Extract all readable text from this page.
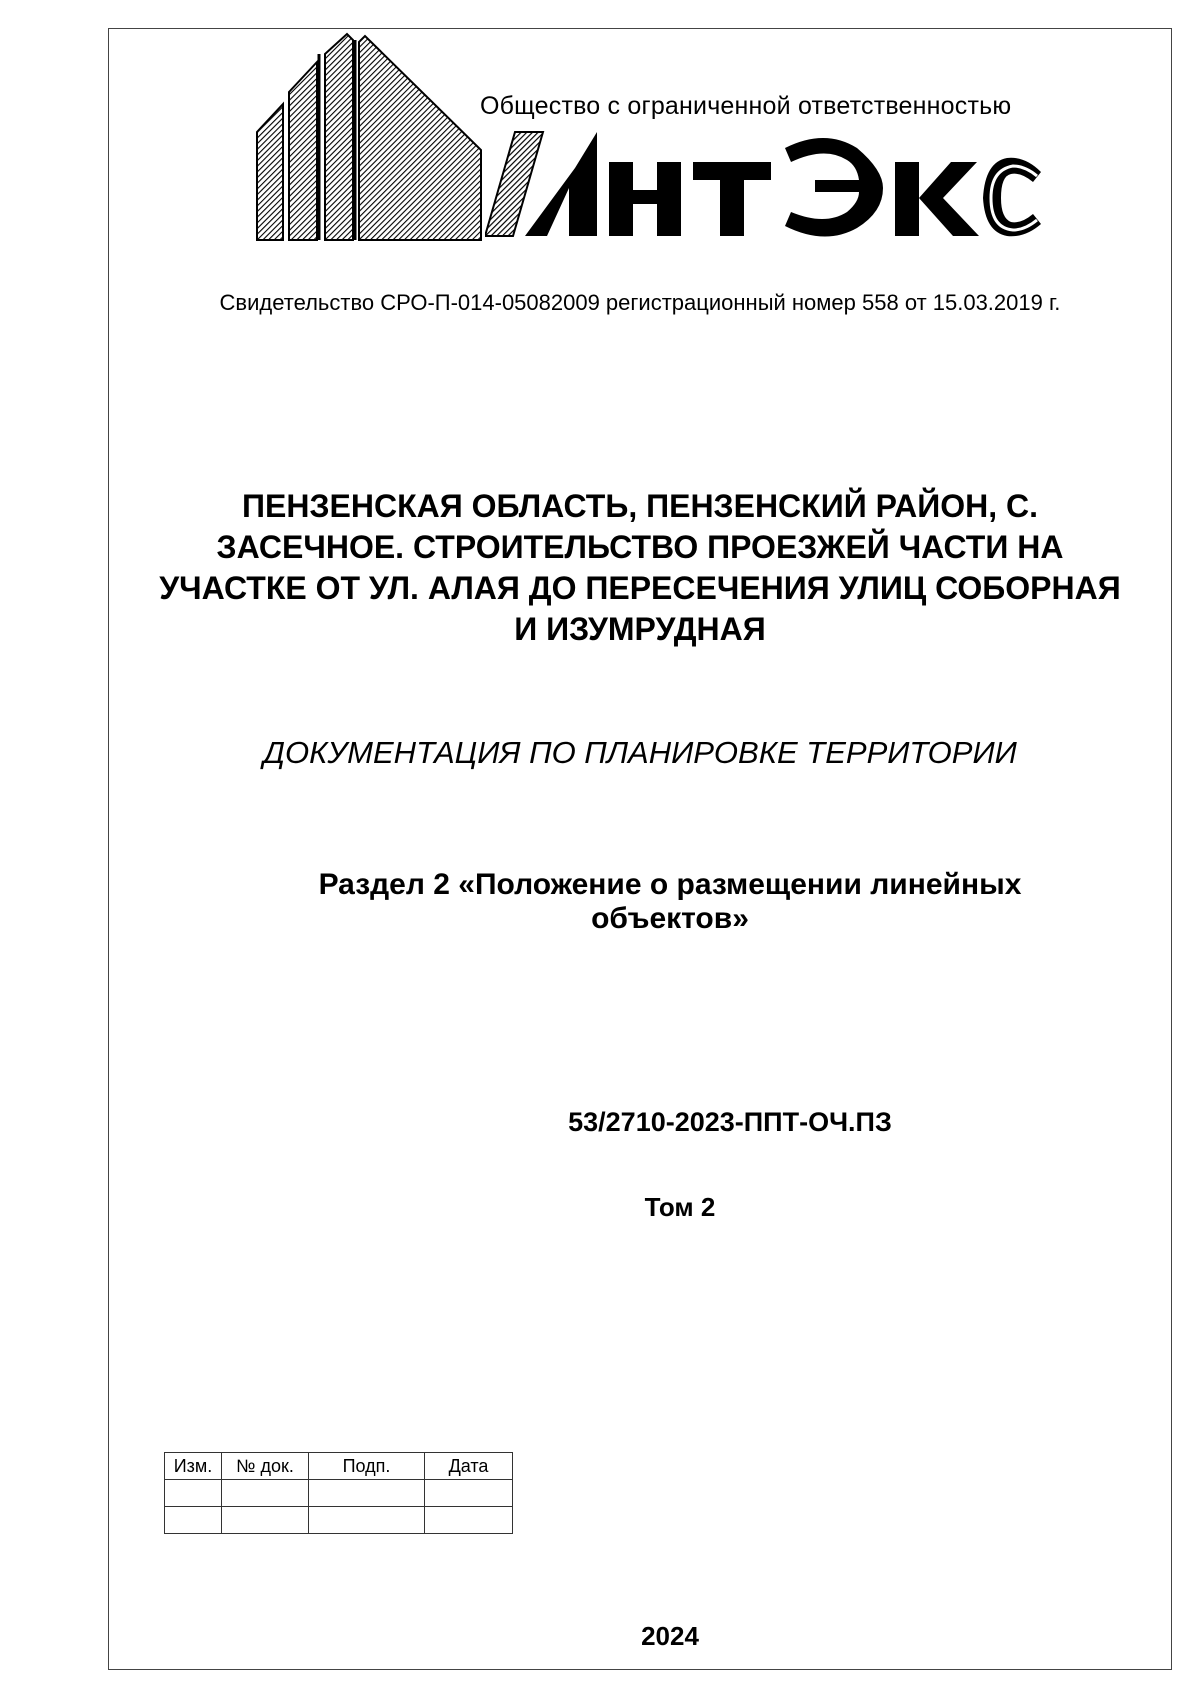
Общество с ограниченной ответственностью
Свидетельство СРО-П-014-05082009 регистрационный номер 558 от 15.03.2019 г.
ПЕНЗЕНСКАЯ ОБЛАСТЬ, ПЕНЗЕНСКИЙ РАЙОН, С. ЗАСЕЧНОЕ. СТРОИТЕЛЬСТВО ПРОЕЗЖЕЙ ЧАСТИ НА УЧАСТКЕ ОТ УЛ. АЛАЯ ДО ПЕРЕСЕЧЕНИЯ УЛИЦ СОБОРНАЯ И ИЗУМРУДНАЯ
ДОКУМЕНТАЦИЯ ПО ПЛАНИРОВКЕ ТЕРРИТОРИИ
Раздел 2 «Положение о размещении линейных объектов»
53/2710-2023-ППТ-ОЧ.ПЗ
Том 2
Изм.	№ док.	Подп.	Дата

2024
